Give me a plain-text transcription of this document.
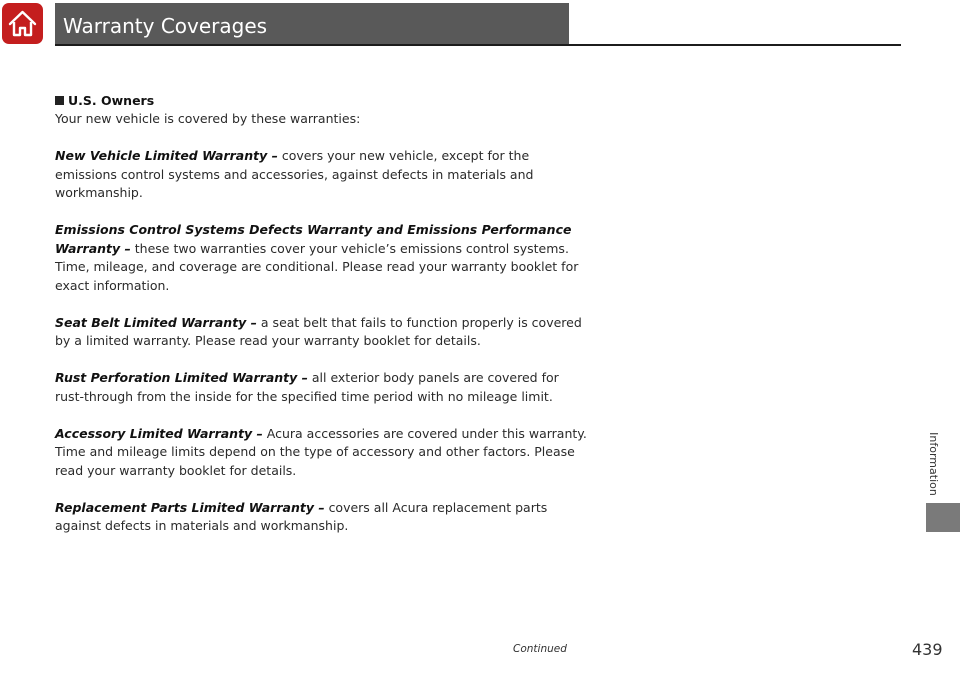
Warranty Coverages
U.S. Owners
Your new vehicle is covered by these warranties:
New Vehicle Limited Warranty – covers your new vehicle, except for the
emissions control systems and accessories, against defects in materials and
workmanship.
Emissions Control Systems Defects Warranty and Emissions Performance
Warranty – these two warranties cover your vehicle’s emissions control systems.
Time, mileage, and coverage are conditional. Please read your warranty booklet for
exact information.
Seat Belt Limited Warranty – a seat belt that fails to function properly is covered
by a limited warranty. Please read your warranty booklet for details.
Rust Perforation Limited Warranty – all exterior body panels are covered for
rust-through from the inside for the specified time period with no mileage limit.
Accessory Limited Warranty – Acura accessories are covered under this warranty.
Time and mileage limits depend on the type of accessory and other factors. Please
read your warranty booklet for details.
Replacement Parts Limited Warranty – covers all Acura replacement parts
against defects in materials and workmanship.
Information
Continued	439
